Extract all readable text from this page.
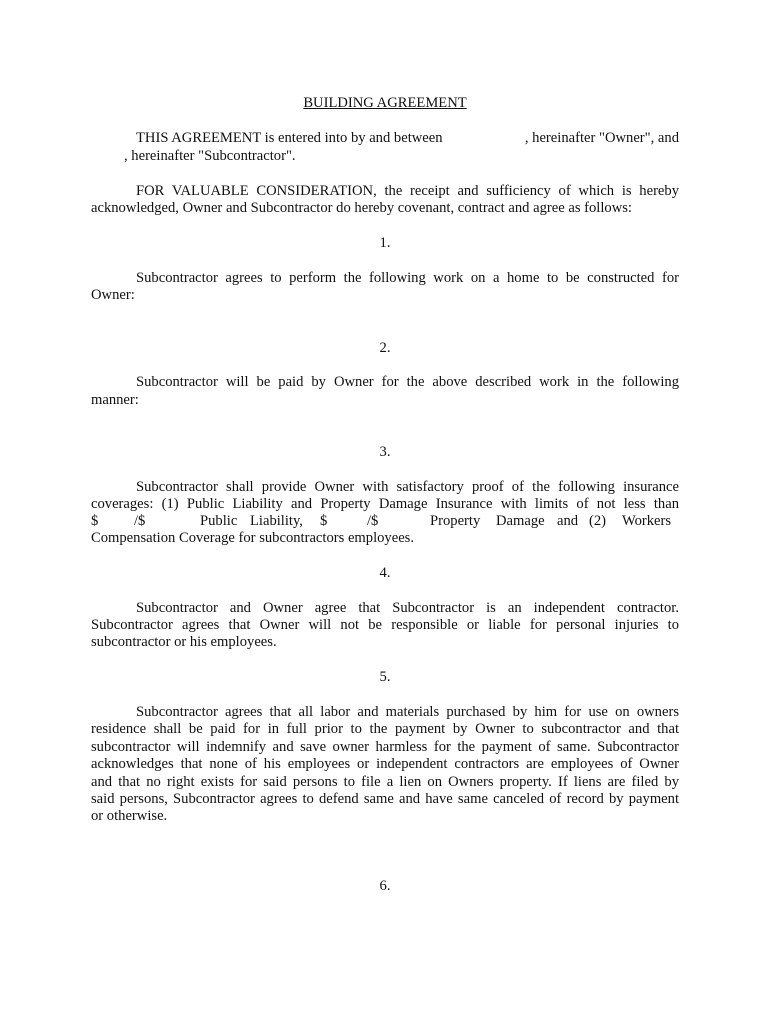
BUILDING AGREEMENT
THIS AGREEMENT is entered into by and between	, hereinafter "Owner", and
, hereinafter "Subcontractor".
FOR VALUABLE CONSIDERATION, the receipt and sufficiency of which is hereby
acknowledged, Owner and Subcontractor do hereby covenant, contract and agree as follows:
1.
Subcontractor agrees to perform the following work on a home to be constructed for
Owner:
2.
Subcontractor will be paid by Owner for the above described work in the following
manner:
3.
Subcontractor shall provide Owner with satisfactory proof of the following insurance
coverages: (1) Public Liability and Property Damage Insurance with limits of not less than
$ /$	Public Liability, $	/$	Property Damage and (2) Workers
Compensation Coverage for subcontractors employees.
4.
Subcontractor and Owner agree that Subcontractor is an independent contractor.
Subcontractor agrees that Owner will not be responsible or liable for personal injuries to
subcontractor or his employees.
5.
Subcontractor agrees that all labor and materials purchased by him for use on owners
residence shall be paid for in full prior to the payment by Owner to subcontractor and that
subcontractor will indemnify and save owner harmless for the payment of same. Subcontractor
acknowledges that none of his employees or independent contractors are employees of Owner
and that no right exists for said persons to file a lien on Owners property. If liens are filed by
said persons, Subcontractor agrees to defend same and have same canceled of record by payment
or otherwise.
6.
